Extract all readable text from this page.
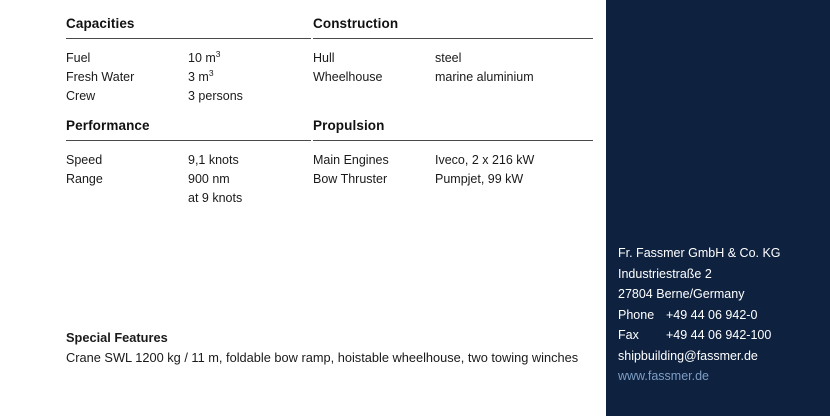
Capacities
Fuel	10 $m^3$
Fresh Water	3 $m^3$
Crew	3 persons
Construction
Hull	steel
Wheelhouse	marine aluminium
Performance
Speed	9,1 knots
Range	900 nm
	at 9 knots
Propulsion
Main Engines	Iveco, 2 x 216 kW
Bow Thruster	Pumpjet, 99 kW
Special Features
Crane SWL 1200 kg / 11 m, foldable bow ramp, hoistable wheelhouse, two towing winches
Fr. Fassmer GmbH & Co. KG
Industriestraße 2
27804 Berne/Germany
Phone +49 44 06 942-0
Fax +49 44 06 942-100
shipbuilding@fassmer.de
www.fassmer.de
